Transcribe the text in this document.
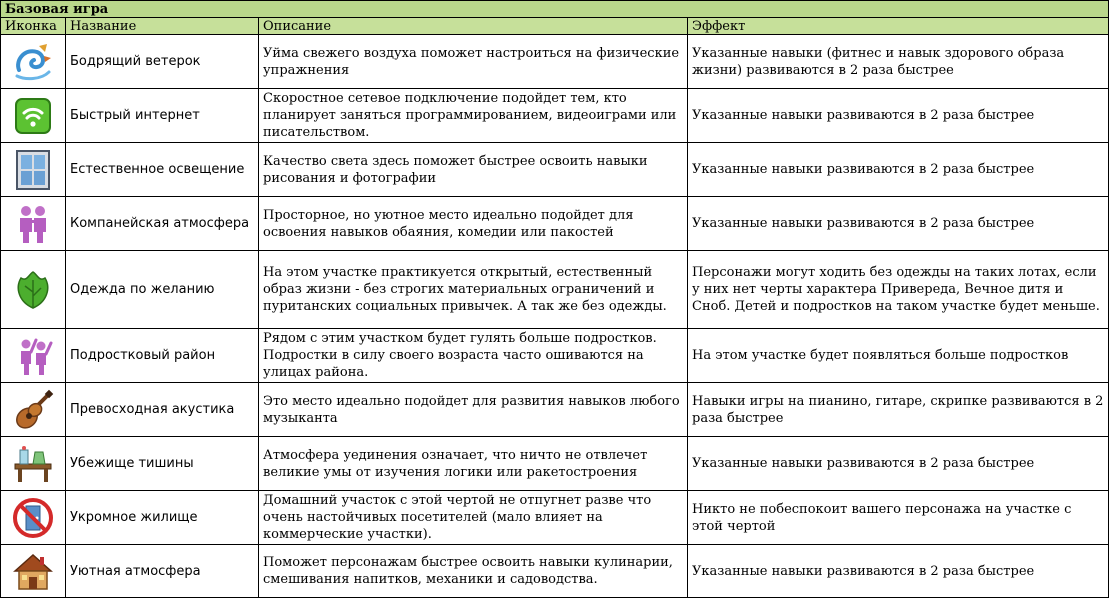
Базовая игра			
Иконка	Название	Описание	Эффект

	Бодрящий ветерок	Уйма свежего воздуха поможет настроиться на физические упражнения	Указанные навыки (фитнес и навык здорового образа жизни) развиваются в 2 раза быстрее

	Быстрый интернет	Скоростное сетевое подключение подойдет тем, кто планирует заняться программированием, видеоиграми или писательством.	Указанные навыки развиваются в 2 раза быстрее

	Естественное освещение	Качество света здесь поможет быстрее освоить навыки рисования и фотографии	Указанные навыки развиваются в 2 раза быстрее

	Компанейская атмосфера	Просторное, но уютное место идеально подойдет для освоения навыков обаяния, комедии или пакостей	Указанные навыки развиваются в 2 раза быстрее

	Одежда по желанию	На этом участке практикуется открытый, естественный образ жизни - без строгих материальных ограничений и пуританских социальных привычек. А так же без одежды.	Персонажи могут ходить без одежды на таких лотах, если у них нет черты характера Привереда, Вечное дитя и Сноб. Детей и подростков на таком участке будет меньше.

	Подростковый район	Рядом с этим участком будет гулять больше подростков. Подростки в силу своего возраста часто ошиваются на улицах района.	На этом участке будет появляться больше подростков

	Превосходная акустика	Это место идеально подойдет для развития навыков любого музыканта	Навыки игры на пианино, гитаре, скрипке развиваются в 2 раза быстрее

	Убежище тишины	Атмосфера уединения означает, что ничто не отвлечет великие умы от изучения логики или ракетостроения	Указанные навыки развиваются в 2 раза быстрее

	Укромное жилище	Домашний участок с этой чертой не отпугнет разве что очень настойчивых посетителей (мало влияет на коммерческие участки).	Никто не побеспокоит вашего персонажа на участке с этой чертой

	Уютная атмосфера	Поможет персонажам быстрее освоить навыки кулинарии, смешивания напитков, механики и садоводства.	Указанные навыки развиваются в 2 раза быстрее
